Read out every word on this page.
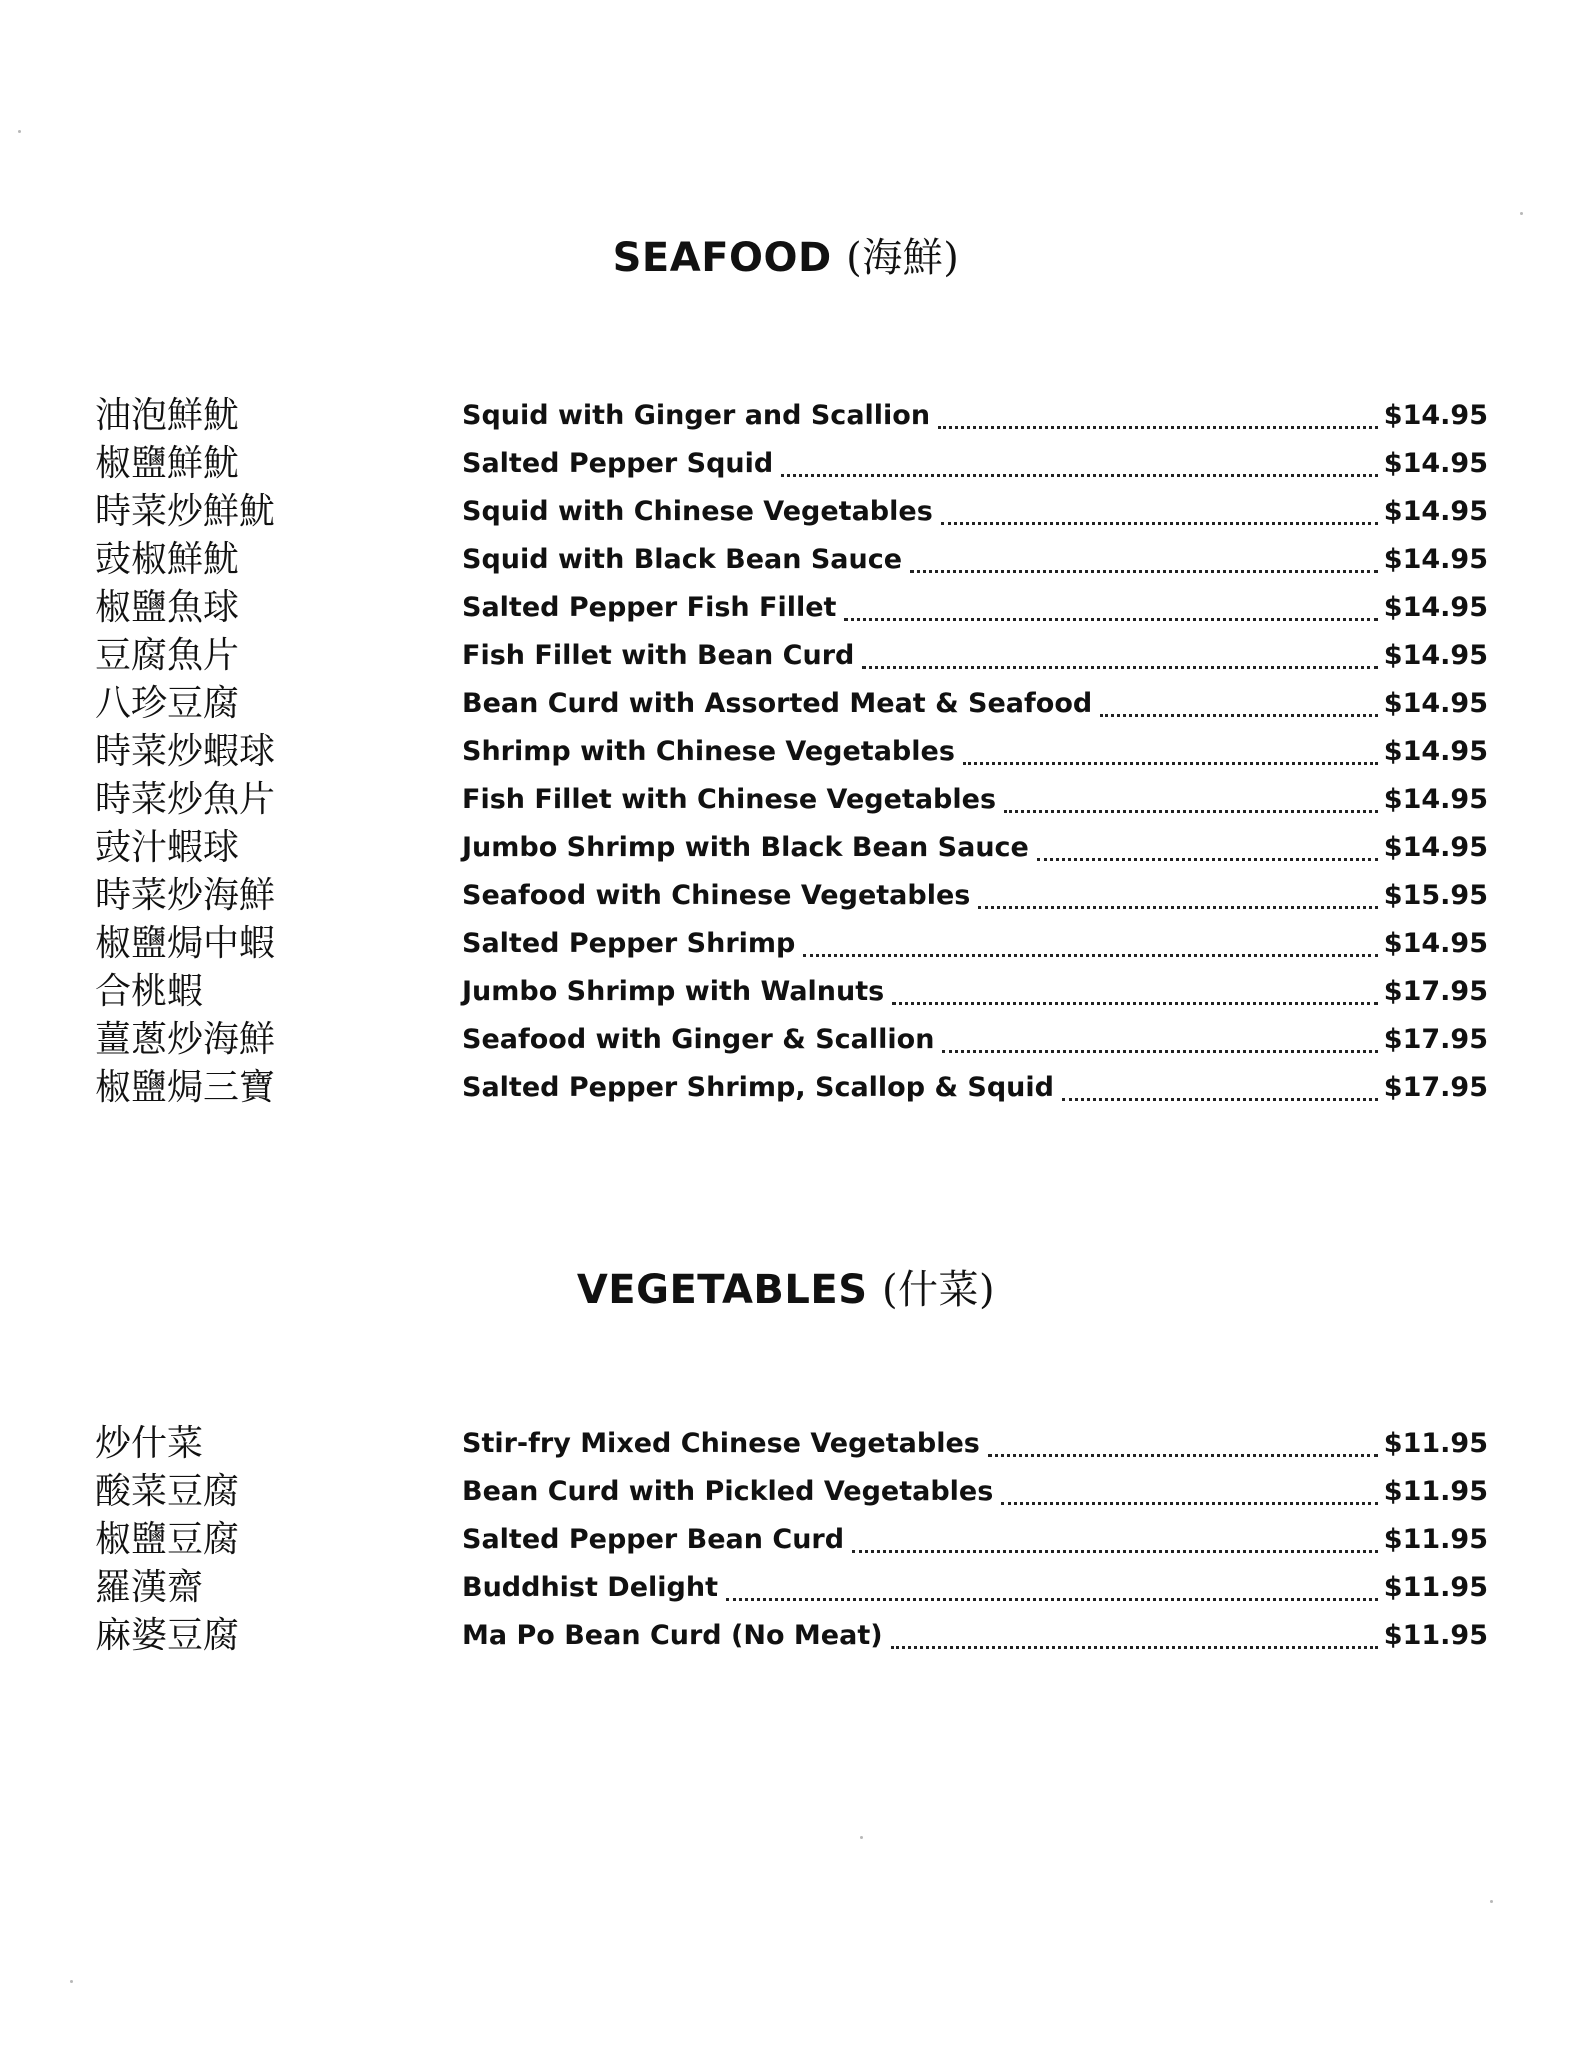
SEAFOOD (海鮮)
油泡鮮魷	Squid with Ginger and Scallion	$14.95
椒鹽鮮魷	Salted Pepper Squid	$14.95
時菜炒鮮魷	Squid with Chinese Vegetables	$14.95
豉椒鮮魷	Squid with Black Bean Sauce	$14.95
椒鹽魚球	Salted Pepper Fish Fillet	$14.95
豆腐魚片	Fish Fillet with Bean Curd	$14.95
八珍豆腐	Bean Curd with Assorted Meat & Seafood	$14.95
時菜炒蝦球	Shrimp with Chinese Vegetables	$14.95
時菜炒魚片	Fish Fillet with Chinese Vegetables	$14.95
豉汁蝦球	Jumbo Shrimp with Black Bean Sauce	$14.95
時菜炒海鮮	Seafood with Chinese Vegetables	$15.95
椒鹽焗中蝦	Salted Pepper Shrimp	$14.95
合桃蝦	Jumbo Shrimp with Walnuts	$17.95
薑蔥炒海鮮	Seafood with Ginger & Scallion	$17.95
椒鹽焗三寶	Salted Pepper Shrimp, Scallop & Squid	$17.95
VEGETABLES (什菜)
炒什菜	Stir-fry Mixed Chinese Vegetables	$11.95
酸菜豆腐	Bean Curd with Pickled Vegetables	$11.95
椒鹽豆腐	Salted Pepper Bean Curd	$11.95
羅漢齋	Buddhist Delight	$11.95
麻婆豆腐	Ma Po Bean Curd (No Meat)	$11.95
